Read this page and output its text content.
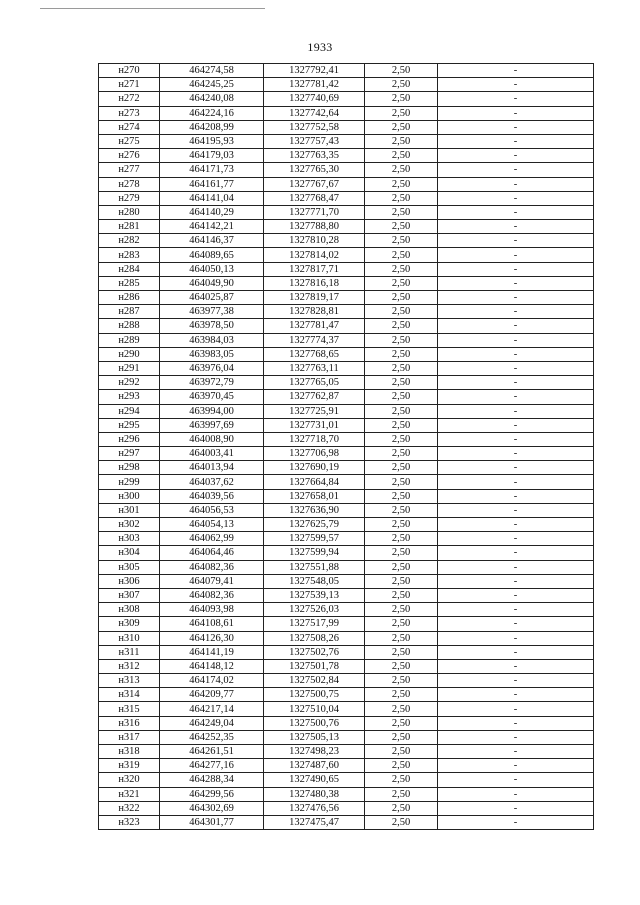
1933
н270	464274,58	1327792,41	2,50	-
н271	464245,25	1327781,42	2,50	-
н272	464240,08	1327740,69	2,50	-
н273	464224,16	1327742,64	2,50	-
н274	464208,99	1327752,58	2,50	-
н275	464195,93	1327757,43	2,50	-
н276	464179,03	1327763,35	2,50	-
н277	464171,73	1327765,30	2,50	-
н278	464161,77	1327767,67	2,50	-
н279	464141,04	1327768,47	2,50	-
н280	464140,29	1327771,70	2,50	-
н281	464142,21	1327788,80	2,50	-
н282	464146,37	1327810,28	2,50	-
н283	464089,65	1327814,02	2,50	-
н284	464050,13	1327817,71	2,50	-
н285	464049,90	1327816,18	2,50	-
н286	464025,87	1327819,17	2,50	-
н287	463977,38	1327828,81	2,50	-
н288	463978,50	1327781,47	2,50	-
н289	463984,03	1327774,37	2,50	-
н290	463983,05	1327768,65	2,50	-
н291	463976,04	1327763,11	2,50	-
н292	463972,79	1327765,05	2,50	-
н293	463970,45	1327762,87	2,50	-
н294	463994,00	1327725,91	2,50	-
н295	463997,69	1327731,01	2,50	-
н296	464008,90	1327718,70	2,50	-
н297	464003,41	1327706,98	2,50	-
н298	464013,94	1327690,19	2,50	-
н299	464037,62	1327664,84	2,50	-
н300	464039,56	1327658,01	2,50	-
н301	464056,53	1327636,90	2,50	-
н302	464054,13	1327625,79	2,50	-
н303	464062,99	1327599,57	2,50	-
н304	464064,46	1327599,94	2,50	-
н305	464082,36	1327551,88	2,50	-
н306	464079,41	1327548,05	2,50	-
н307	464082,36	1327539,13	2,50	-
н308	464093,98	1327526,03	2,50	-
н309	464108,61	1327517,99	2,50	-
н310	464126,30	1327508,26	2,50	-
н311	464141,19	1327502,76	2,50	-
н312	464148,12	1327501,78	2,50	-
н313	464174,02	1327502,84	2,50	-
н314	464209,77	1327500,75	2,50	-
н315	464217,14	1327510,04	2,50	-
н316	464249,04	1327500,76	2,50	-
н317	464252,35	1327505,13	2,50	-
н318	464261,51	1327498,23	2,50	-
н319	464277,16	1327487,60	2,50	-
н320	464288,34	1327490,65	2,50	-
н321	464299,56	1327480,38	2,50	-
н322	464302,69	1327476,56	2,50	-
н323	464301,77	1327475,47	2,50	-
